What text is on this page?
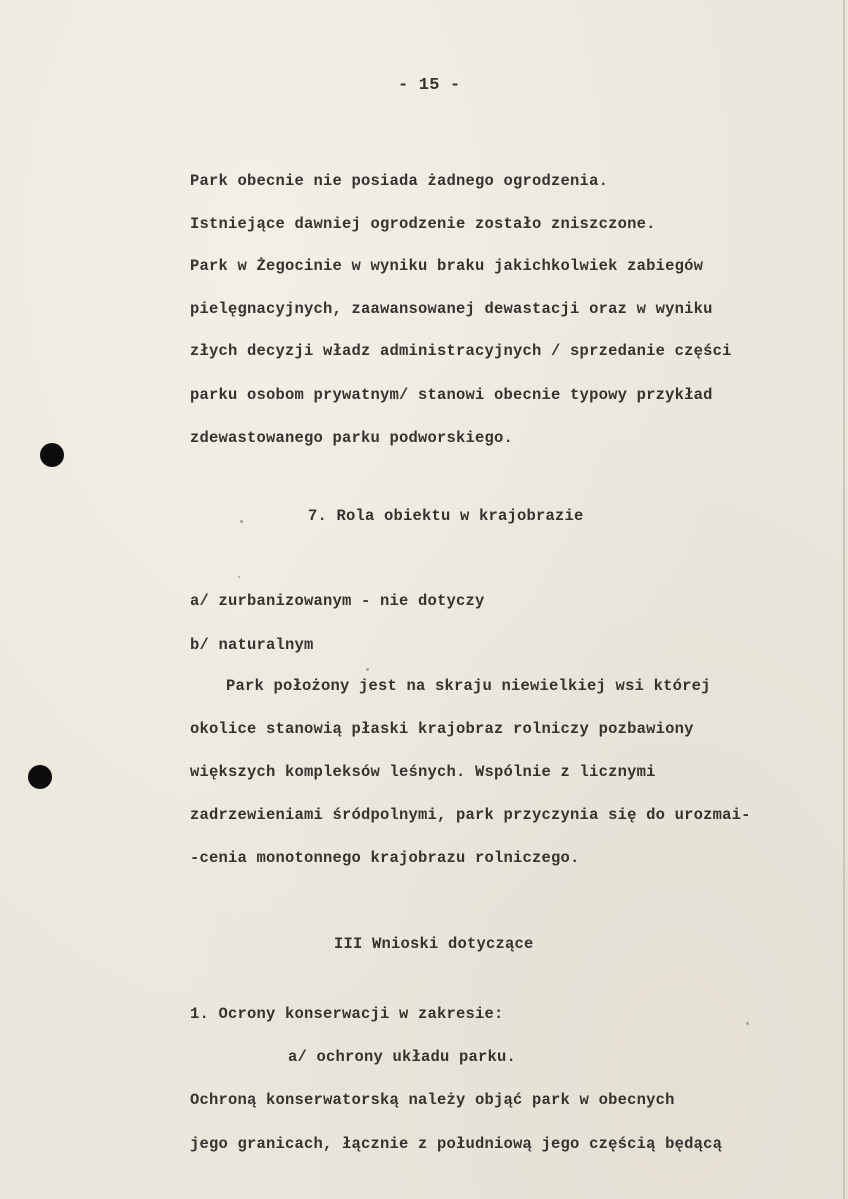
- 15 -
Park obecnie nie posiada żadnego ogrodzenia.
Istniejące dawniej ogrodzenie zostało zniszczone.
Park w Żegocinie w wyniku braku jakichkolwiek zabiegów
pielęgnacyjnych, zaawansowanej dewastacji oraz w wyniku
złych decyzji władz administracyjnych / sprzedanie części
parku osobom prywatnym/ stanowi obecnie typowy przykład
zdewastowanego parku podworskiego.
7. Rola obiektu w krajobrazie
a/ zurbanizowanym - nie dotyczy
b/ naturalnym
Park położony jest na skraju niewielkiej wsi której
okolice stanowią płaski krajobraz rolniczy pozbawiony
większych kompleksów leśnych. Wspólnie z licznymi
zadrzewieniami śródpolnymi, park przyczynia się do urozmai-
-cenia monotonnego krajobrazu rolniczego.
III Wnioski dotyczące
1. Ocrony konserwacji w zakresie:
a/ ochrony układu parku.
Ochroną konserwatorską należy objąć park w obecnych
jego granicach, łącznie z południową jego częścią będącą
